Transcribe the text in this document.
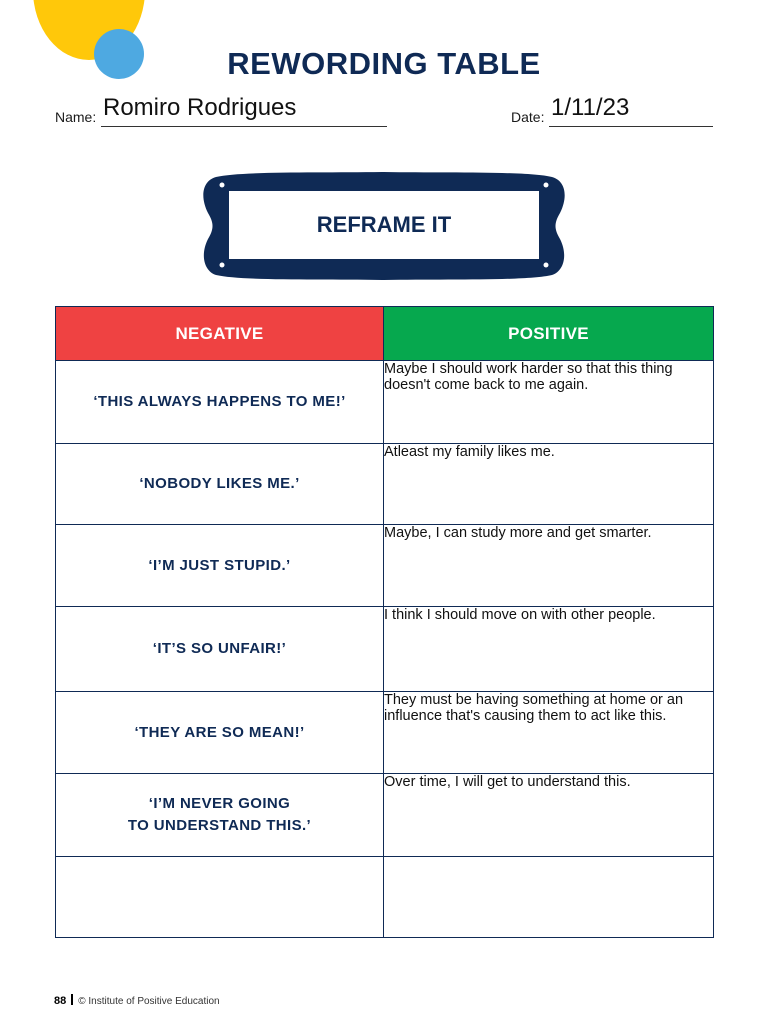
REWORDING TABLE
Name: Romiro Rodrigues	Date: 1/11/23
REFRAME IT
NEGATIVE	POSITIVE
‘THIS ALWAYS HAPPENS TO ME!’	Maybe I should work harder so that this thing doesn't come back to me again.
‘NOBODY LIKES ME.’	Atleast my family likes me.
‘I’M JUST STUPID.’	Maybe, I can study more and get smarter.
‘IT’S SO UNFAIR!’	I think I should move on with other people.
‘THEY ARE SO MEAN!’	They must be having something at home or an influence that's causing them to act like this.
‘I’M NEVER GOING
TO UNDERSTAND THIS.’	Over time, I will get to understand this.

88 © Institute of Positive Education
